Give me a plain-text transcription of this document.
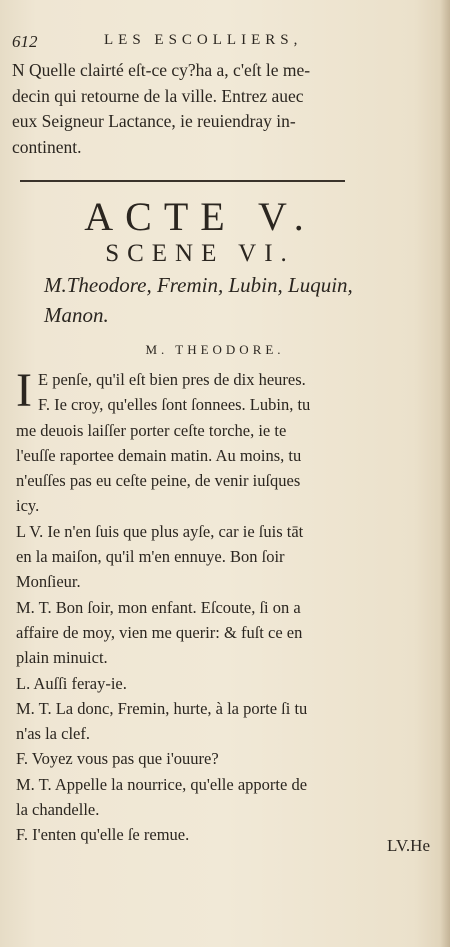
612	LES ESCOLLIERS,
N Quelle clairté eſt-ce cy?ha a, c'eſt le me-
decin qui retourne de la ville. Entrez auec
eux Seigneur Lactance, ie reuiendray in-
continent.
ACTE V.
SCENE VI.
M.Theodore, Fremin, Lubin, Luquin,
Manon.
M. THEODORE.
I E penſe, qu'il eſt bien pres de dix heures.
F. Ie croy, qu'elles ſont ſonnees. Lubin, tu
me deuois laiſſer porter ceſte torche, ie te
l'euſſe raportee demain matin. Au moins, tu
n'euſſes pas eu ceſte peine, de venir iuſques
icy.
L V. Ie n'en ſuis que plus ayſe, car ie ſuis tāt
en la maiſon, qu'il m'en ennuye. Bon ſoir
Monſieur.
M. T. Bon ſoir, mon enfant. Eſcoute, ſi on a
affaire de moy, vien me querir: & fuſt ce en
plain minuict.
L. Auſſi feray-ie.
M. T. La donc, Fremin, hurte, à la porte ſi tu
n'as la clef.
F. Voyez vous pas que i'ouure?
M. T. Appelle la nourrice, qu'elle apporte de
la chandelle.
F. I'enten qu'elle ſe remue.
LV.He
